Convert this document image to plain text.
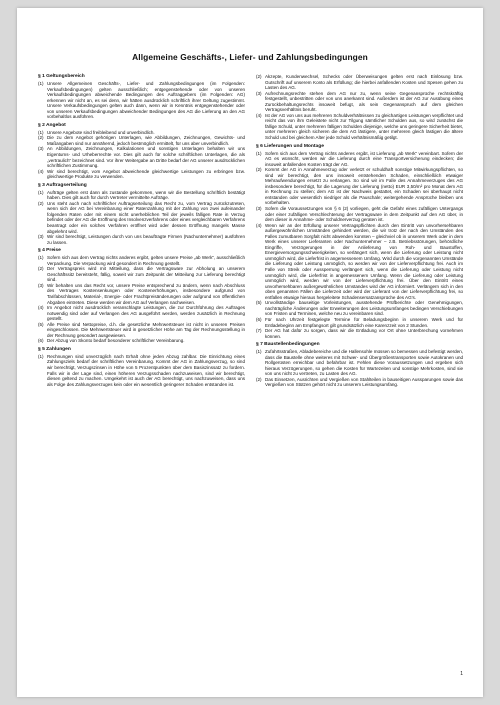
Allgemeine Geschäfts-, Liefer- und Zahlungsbedingungen
§ 1 Geltungsbereich
(1) Unsere Allgemeinen Geschäfts-, Liefer- und Zahlungsbedingungen (im Folgenden: Verkaufsbedingungen) gelten ausschließlich; entgegenstehende oder von unseren Verkaufsbedingungen abweichende Bedingungen des Auftraggebers (im Folgenden: AG) erkennen wir nicht an, es sei denn, wir hätten ausdrücklich schriftlich ihrer Geltung zugestimmt. Unsere Verkaufsbedingungen gelten auch dann, wenn wir in Kenntnis entgegenstehender oder von unseren Verkaufsbedingungen abweichender Bedingungen des AG die Lieferung an den AG vorbehaltlos ausführen.
§ 2 Angebot
(1) Unsere Angebote sind freibleibend und unverbindlich.
(2) Die zu dem Angebot gehörigen Unterlagen, wie Abbildungen, Zeichnungen, Gewichts- und Maßangaben sind nur annähernd, jedoch bestmöglich ermittelt, für uns aber unverbindlich.
(3) An Abbildungen, Zeichnungen, Kalkulationen und sonstigen Unterlagen behalten wir uns Eigentums- und Urheberrechte vor. Dies gilt auch für solche schriftlichen Unterlagen, die als „vertraulich“ bezeichnet sind. Vor ihrer Weitergabe an Dritte bedarf der AG unserer ausdrücklichen schriftlichen Zustimmung.
(4) Wir sind berechtigt, vom Angebot abweichende gleichwertige Leistungen zu erbringen bzw. gleichwertige Produkte zu verwenden.
§ 3 Auftragserteilung
(1) Aufträge gelten erst dann als zustande gekommen, wenn wir die Bestellung schriftlich bestätigt haben. Dies gilt auch für durch Vertreter vermittelte Aufträge.
(2) Uns steht auch nach schriftlicher Auftragserteilung das Recht zu, vom Vertrag zurückzutreten, wenn sich der AG bei Vereinbarung einer Ratenzahlung mit der Zahlung von zwei aufeinander folgenden Raten oder mit einem nicht unerheblichen Teil der jeweils fälligen Rate in Verzug befindet oder der AG die Eröffnung des Insolvenzverfahrens oder eines vergleichbaren Verfahrens beantragt oder ein solches Verfahren eröffnet wird oder dessen Eröffnung mangels Masse abgelehnt wird.
(3) Wir sind berechtigt, Leistungen durch von uns beauftragte Firmen (Nachunternehmer) ausführen zu lassen.
§ 4 Preise
(1) Sofern sich aus dem Vertrag nichts anderes ergibt, gelten unsere Preise „ab Werk“, ausschließlich Verpackung. Die Verpackung wird gesondert in Rechnung gestellt.
(2) Der Vertragspreis wird mit Mitteilung, dass die Vertragsware zur Abholung an unserem Geschäftssitz bereitsteht, fällig, soweit wir zum Zeitpunkt der Mitteilung zur Lieferung berechtigt sind.
(3) Wir behalten uns das Recht vor, unsere Preise entsprechend zu ändern, wenn nach Abschluss des Vertrages Kostensenkungen oder Kostenerhöhungen, insbesondere aufgrund von Tarifabschlüssen, Material-, Energie- oder Frachtpreisänderungen oder aufgrund von öffentlichen Abgaben eintreten. Diese werden wir dem AG auf Verlangen nachweisen.
(4) Im Angebot nicht ausdrücklich veranschlagte Leistungen, die zur Durchführung des Auftrages notwendig sind oder auf Verlangen des AG ausgeführt werden, werden zusätzlich in Rechnung gestellt.
(5) Alle Preise sind Nettopreise, d.h. die gesetzliche Mehrwertsteuer ist nicht in unseren Preisen eingeschlossen. Die Mehrwertsteuer wird in gesetzlicher Höhe am Tag der Rechnungsstellung in der Rechnung gesondert ausgewiesen.
(6) Der Abzug von Skonto bedarf besonderer schriftlicher Vereinbarung.
§ 5 Zahlungen
(1) Rechnungen sind unverzüglich nach Erhalt ohne jeden Abzug zahlbar. Die Einrichtung eines Zahlungsziels bedarf der schriftlichen Vereinbarung. Kommt der AG in Zahlungsverzug, so sind wir berechtigt, Verzugszinsen in Höhe von 5 Prozentpunkten über dem Basiszinssatz zu fordern. Falls wir in der Lage sind, einen höheren Verzugsschaden nachzuweisen, sind wir berechtigt, diesen geltend zu machen. Umgekehrt ist auch der AG berechtigt, uns nachzuweisen, dass uns als Folge des Zahlungsverzuges kein oder ein wesentlich geringerer Schaden entstanden ist.
(2) Akzepte, Kundenwechsel, Schecks oder Überweisungen gelten erst nach Einlösung bzw. Gutschrift auf unserem Konto als Erfüllung; die hierbei anfallenden Kosten und Spesen gehen zu Lasten des AG.
(3) Aufrechnungsrechte stehen dem AG nur zu, wenn seine Gegenansprüche rechtskräftig festgestellt, unbestritten oder von uns anerkannt sind. Außerdem ist der AG zur Ausübung eines Zurückbehaltungsrechts insoweit befugt, als sein Gegenanspruch auf dem gleichen Vertragsverhältnis beruht.
(4) Ist der AG von uns aus mehreren Schuldverhältnissen zu gleichartigen Leistungen verpflichtet und reicht das von ihm Geleistete nicht zur Tilgung sämtlicher Schulden aus, so wird zunächst die fällige Schuld, unter mehreren fälligen Schulden diejenige, welche uns geringere Sicherheit bietet, unter mehreren gleich sicheren die dem AG lästigere, unter mehreren gleich lästigen die ältere Schuld und bei gleichem Alter jede Schuld verhältnismäßig getilgt.
§ 6 Lieferungen und Montage
(1) Sofern sich aus dem Vertrag nichts anderes ergibt, ist Lieferung „ab Werk“ vereinbart. Sofern der AG es wünscht, werden wir die Lieferung durch eine Transportversicherung eindecken; die insoweit anfallenden Kosten trägt der AG.
(2) Kommt der AG in Annahmeverzug oder verletzt er schuldhaft sonstige Mitwirkungspflichten, so sind wir berechtigt, den uns insoweit entstehenden Schaden, einschließlich etwaiger Mehraufwendungen ersetzt zu verlangen. So sind wir im Falle des Annahmeverzuges des AG insbesondere berechtigt, für die Lagerung der Lieferung (netto) EUR 3,50/m² pro Monat dem AG in Rechnung zu stellen; dem AG ist der Nachweis gestattet, ein Schaden sei überhaupt nicht entstanden oder wesentlich niedriger als die Pauschale; weitergehende Ansprüche bleiben uns vorbehalten.
(3) Sofern die Voraussetzungen von § 6 (2) vorliegen, geht die Gefahr eines zufälligen Untergangs oder einer zufälligen Verschlechterung der Vertragsware in dem Zeitpunkt auf den AG über, in dem dieser in Annahme- oder Schuldnerverzug geraten ist.
(4) Wenn wir an der Erfüllung unserer Vertragspflichten durch den Eintritt von unvorhersehbaren außergewöhnlichen Umständen gehindert werden, die wir trotz der nach den Umständen des Falles zumutbaren Sorgfalt nicht abwenden konnten – gleichviel ob in unserem Werk oder in dem Werk eines unserer Lieferanten oder Nachunternehmer – z.B. Betriebsstörungen, behördliche Eingriffe, Verzögerungen in der Anlieferung von Roh- und Baustoffen, Energieversorgungsschwierigkeiten, so verlängert sich, wenn die Lieferung oder Leistung nicht unmöglich wird, die Lieferfrist in angemessenem Umfang. Wird durch die vorgenannten Umstände die Lieferung oder Leistung unmöglich, so werden wir von der Lieferverpflichtung frei. Auch im Falle von Streik oder Aussperrung verlängert sich, wenn die Lieferung oder Leistung nicht unmöglich wird, die Lieferfrist in angemessenem Umfang. Wenn die Lieferung oder Leistung unmöglich wird, werden wir von der Lieferverpflichtung frei. Über den Eintritt eines unvorhersehbaren außergewöhnlichen Umstandes wird der AG informiert. Verlängern sich in den oben genannten Fällen die Lieferzeit oder wird der Lieferant von der Lieferverpflichtung frei, so entfallen etwaige hieraus hergeleitete Schadensersatzansprüche des AG's.
(5) Unvollständige bauseitige Vorleistungen, ausstehende Prüfberichte oder Genehmigungen, nachträgliche Änderungen oder Erweiterungen des Leistungsumfanges bedingen Verschiebungen von Fristen und Terminen, welche neu zu vereinbaren sind.
(6) Für nach Uhrzeit festgelegte Termine für Beladungsbeginn in unserem Werk und für Entladebeginn am Empfangsort gilt grundsätzlich eine Karenzzeit von 2 Stunden.
(7) Der AG hat dafür zu sorgen, dass wir die Entladung vor Ort ohne Unterbrechung vornehmen können.
§ 7 Baustellenbedingungen
(1) Zufahrtsstraßen, Abladebereiche und die Hallensohle müssen so bemessen und befestigt werden, dass die Baustelle ohne weiteres mit Schwer- und Übergrößentransporten sowie Autokranen und Rollgerüsten erreichbar und befahrbar ist. Fehlen diese Voraussetzungen und ergeben sich hieraus Verzögerungen, so gehen die Kosten für Wartezeiten und sonstige Mehrkosten, sind sie von uns nicht zu vertreten, zu Lasten des AG.
(2) Das Einsetzen, Ausrichten und Vergießen von Stahlteilen in bauseitigen Aussparungen sowie das Vergießen von Stützen gehört nicht zu unserem Leistungsumfang.
1
